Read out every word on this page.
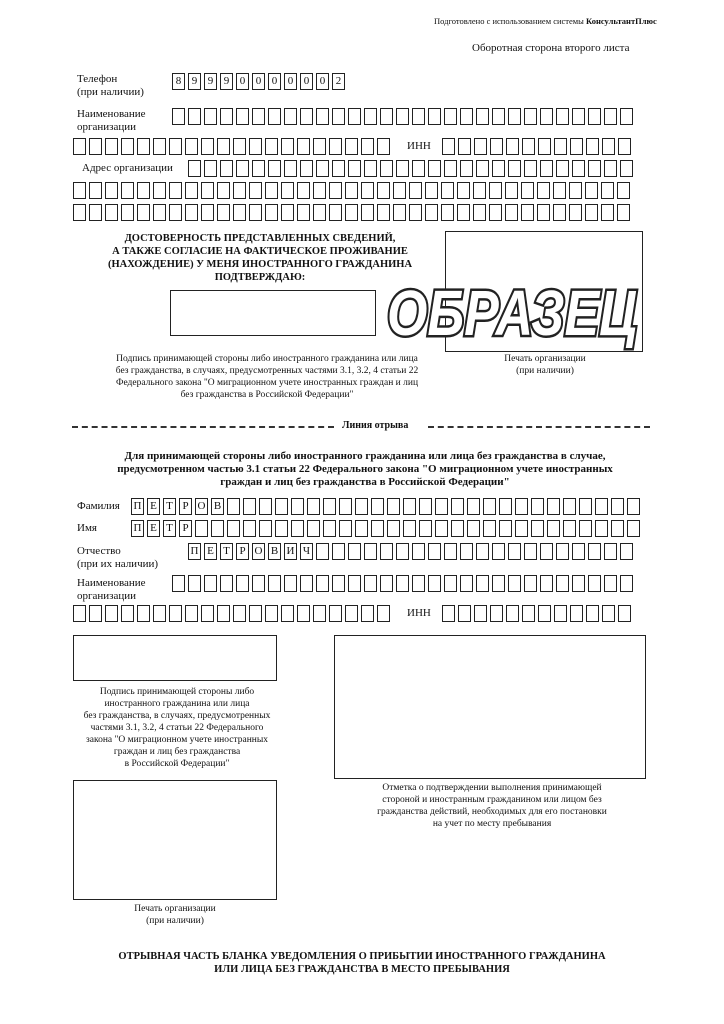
Подготовлено с использованием системы КонсультантПлюс
Оборотная сторона второго листа
Телефон
(при наличии)
8 9 9 9 0 0 0 0 0 0 2
Наименование
организации
ИНН
Адрес организации
ДОСТОВЕРНОСТЬ ПРЕДСТАВЛЕННЫХ СВЕДЕНИЙ,
А ТАКЖЕ СОГЛАСИЕ НА ФАКТИЧЕСКОЕ ПРОЖИВАНИЕ
(НАХОЖДЕНИЕ) У МЕНЯ ИНОСТРАННОГО ГРАЖДАНИНА
ПОДТВЕРЖДАЮ:	ОБРАЗЕЦ
Подпись принимающей стороны либо иностранного гражданина или лица
без гражданства, в случаях, предусмотренных частями 3.1, 3.2, 4 статьи 22
Федерального закона "О миграционном учете иностранных граждан и лиц
без гражданства в Российской Федерации"
Печать организации
(при наличии)
Линия отрыва
Для принимающей стороны либо иностранного гражданина или лица без гражданства в случае,
предусмотренном частью 3.1 статьи 22 Федерального закона "О миграционном учете иностранных
граждан и лиц без гражданства в Российской Федерации"
Фамилия П Е Т Р О В
Имя	П Е Т Р
Отчество
(при их наличии)
П Е Т Р О В И Ч
Наименование
организации
ИНН
Подпись принимающей стороны либо
иностранного гражданина или лица
без гражданства, в случаях, предусмотренных
частями 3.1, 3.2, 4 статьи 22 Федерального
закона "О миграционном учете иностранных
граждан и лиц без гражданства
в Российской Федерации"
Отметка о подтверждении выполнения принимающей
стороной и иностранным гражданином или лицом без
гражданства действий, необходимых для его постановки
на учет по месту пребывания
Печать организации
(при наличии)
ОТРЫВНАЯ ЧАСТЬ БЛАНКА УВЕДОМЛЕНИЯ О ПРИБЫТИИ ИНОСТРАННОГО ГРАЖДАНИНА
ИЛИ ЛИЦА БЕЗ ГРАЖДАНСТВА В МЕСТО ПРЕБЫВАНИЯ
